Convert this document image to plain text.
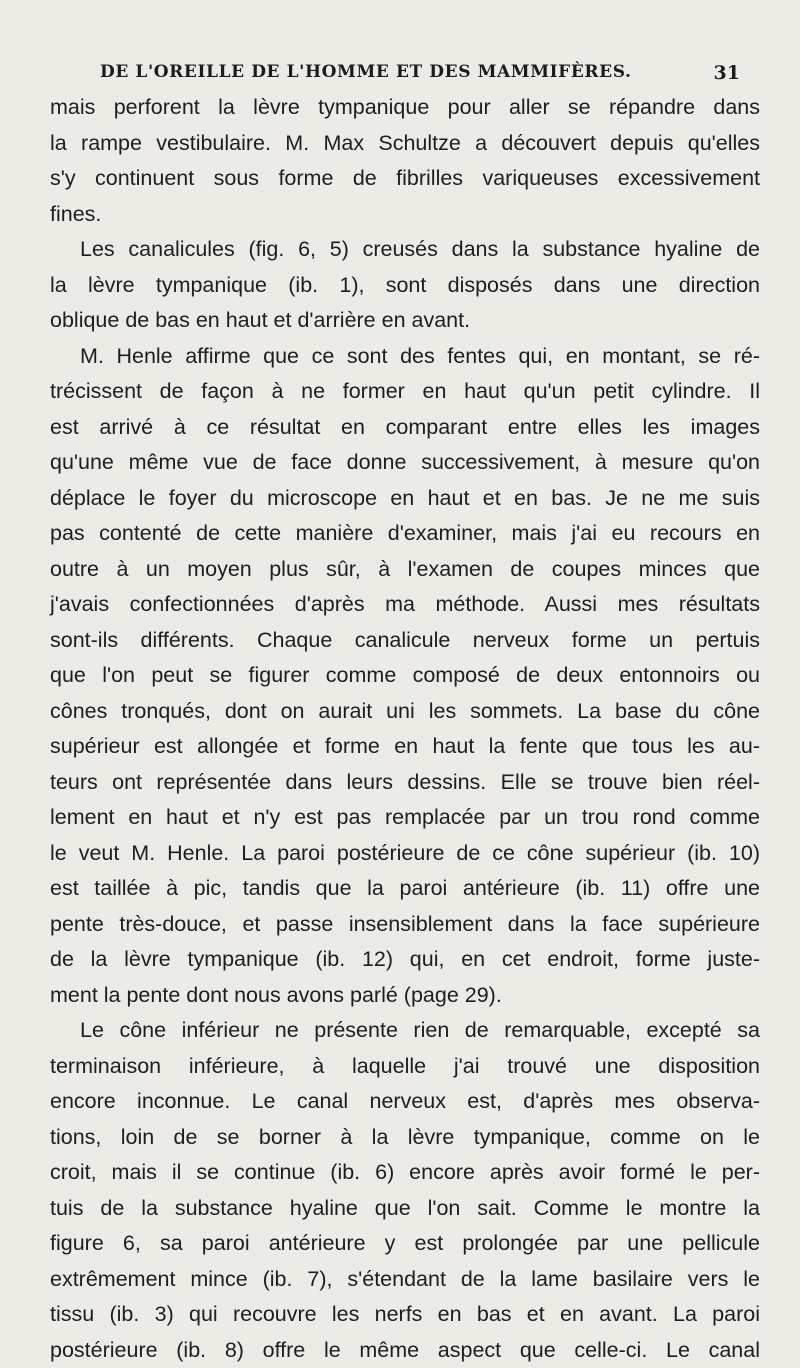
DE L'OREILLE DE L'HOMME ET DES MAMMIFÈRES.	31
mais perforent la lèvre tympanique pour aller se répandre dans
la rampe vestibulaire. M. Max Schultze a découvert depuis qu'elles
s'y continuent sous forme de fibrilles variqueuses excessivement
fines.
Les canalicules (fig. 6, 5) creusés dans la substance hyaline de
la lèvre tympanique (ib. 1), sont disposés dans une direction
oblique de bas en haut et d'arrière en avant.
M. Henle affirme que ce sont des fentes qui, en montant, se ré-
trécissent de façon à ne former en haut qu'un petit cylindre. Il
est arrivé à ce résultat en comparant entre elles les images
qu'une même vue de face donne successivement, à mesure qu'on
déplace le foyer du microscope en haut et en bas. Je ne me suis
pas contenté de cette manière d'examiner, mais j'ai eu recours en
outre à un moyen plus sûr, à l'examen de coupes minces que
j'avais confectionnées d'après ma méthode. Aussi mes résultats
sont-ils différents. Chaque canalicule nerveux forme un pertuis
que l'on peut se figurer comme composé de deux entonnoirs ou
cônes tronqués, dont on aurait uni les sommets. La base du cône
supérieur est allongée et forme en haut la fente que tous les au-
teurs ont représentée dans leurs dessins. Elle se trouve bien réel-
lement en haut et n'y est pas remplacée par un trou rond comme
le veut M. Henle. La paroi postérieure de ce cône supérieur (ib. 10)
est taillée à pic, tandis que la paroi antérieure (ib. 11) offre une
pente très-douce, et passe insensiblement dans la face supérieure
de la lèvre tympanique (ib. 12) qui, en cet endroit, forme juste-
ment la pente dont nous avons parlé (page 29).
Le cône inférieur ne présente rien de remarquable, excepté sa
terminaison inférieure, à laquelle j'ai trouvé une disposition
encore inconnue. Le canal nerveux est, d'après mes observa-
tions, loin de se borner à la lèvre tympanique, comme on le
croit, mais il se continue (ib. 6) encore après avoir formé le per-
tuis de la substance hyaline que l'on sait. Comme le montre la
figure 6, sa paroi antérieure y est prolongée par une pellicule
extrêmement mince (ib. 7), s'étendant de la lame basilaire vers le
tissu (ib. 3) qui recouvre les nerfs en bas et en avant. La paroi
postérieure (ib. 8) offre le même aspect que celle-ci. Le canal
